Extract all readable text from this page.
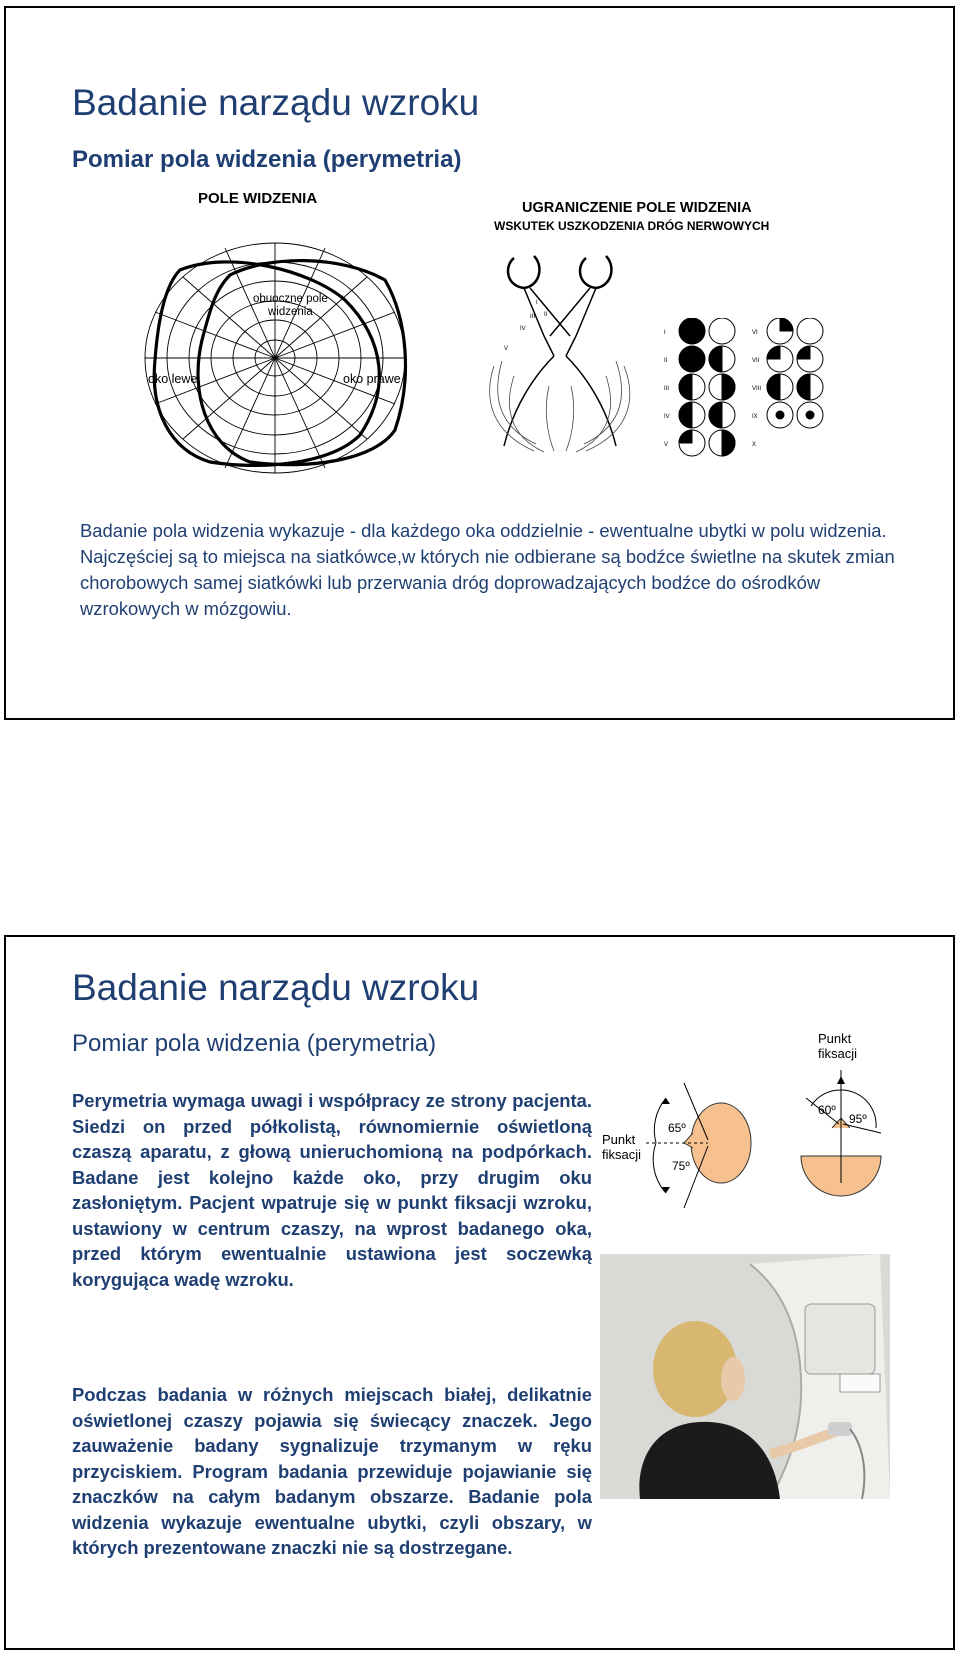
Badanie narządu wzroku
Pomiar pola widzenia (perymetria)
POLE WIDZENIA
UGRANICZENIE POLE WIDZENIA
WSKUTEK USZKODZENIA DRÓG NERWOWYCH
obuoczne pole widzenia
oko lewe	oko prawe
I
II
III
IV
V
I
II
III
IV
V
VI
VII
VIII
IX
X

Badanie pola widzenia wykazuje - dla każdego oka oddzielnie - ewentualne ubytki w polu widzenia. Najczęściej są to miejsca na siatkówce,w których nie odbierane są bodźce świetlne na skutek zmian chorobowych samej siatkówki lub przerwania dróg doprowadzających bodźce do ośrodków wzrokowych w mózgowiu.

Badanie narządu wzroku
Pomiar pola widzenia (perymetria)

Perymetria wymaga uwagi i współpracy ze strony pacjenta. Siedzi on przed półkolistą, równomiernie oświetloną czaszą aparatu, z głową unieruchomioną na podpórkach. Badane jest kolejno każde oko, przy drugim oku zasłoniętym. Pacjent wpatruje się w punkt fiksacji wzroku, ustawiony w centrum czaszy, na wprost badanego oka, przed którym ewentualnie ustawiona jest soczewką korygująca wadę wzroku.

Podczas badania w różnych miejscach białej, delikatnie oświetlonej czaszy pojawia się świecący znaczek. Jego zauważenie badany sygnalizuje trzymanym w ręku przyciskiem. Program badania przewiduje pojawianie się znaczków na całym badanym obszarze. Badanie pola widzenia wykazuje ewentualne ubytki, czyli obszary, w których prezentowane znaczki nie są dostrzegane.

Punkt fiksacji
65º
75º
Punkt fiksacji
60º
95º
